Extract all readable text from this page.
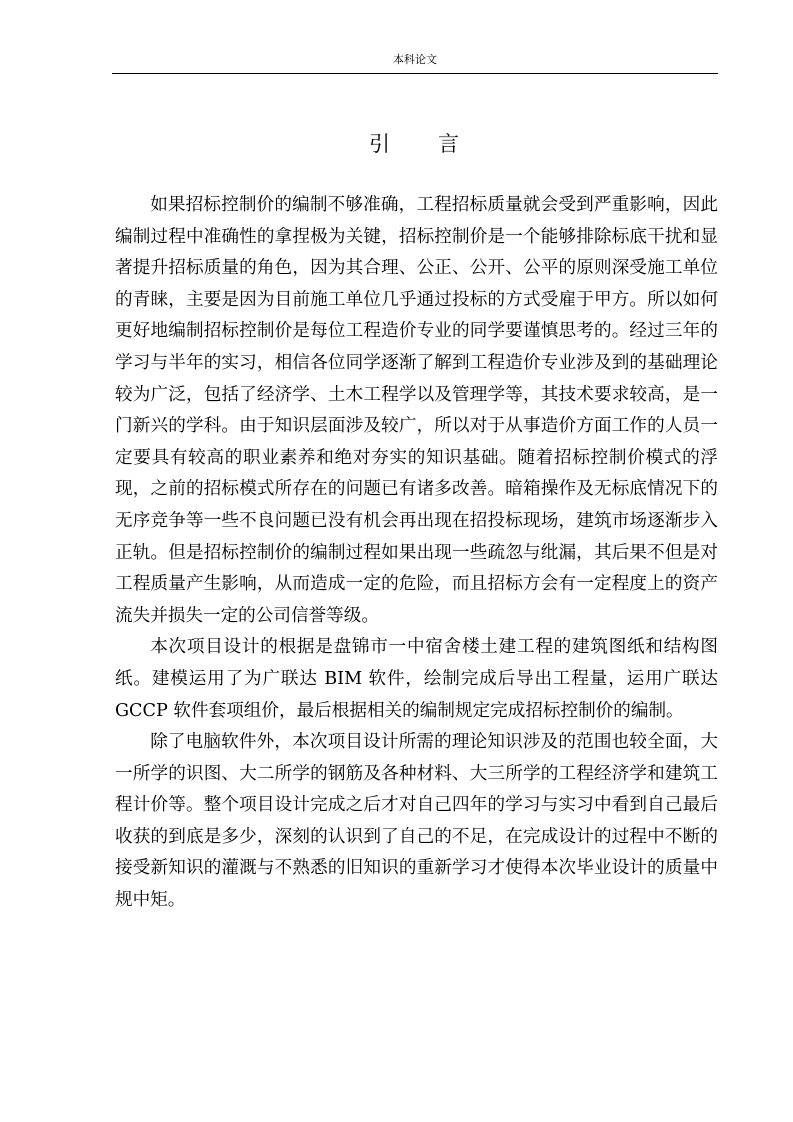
本科论文
引　　言

如果招标控制价的编制不够准确，工程招标质量就会受到严重影响，因此编制过程中准确性的拿捏极为关键，招标控制价是一个能够排除标底干扰和显著提升招标质量的角色，因为其合理、公正、公开、公平的原则深受施工单位的青睐，主要是因为目前施工单位几乎通过投标的方式受雇于甲方。所以如何更好地编制招标控制价是每位工程造价专业的同学要谨慎思考的。经过三年的学习与半年的实习，相信各位同学逐渐了解到工程造价专业涉及到的基础理论较为广泛，包括了经济学、土木工程学以及管理学等，其技术要求较高，是一门新兴的学科。由于知识层面涉及较广，所以对于从事造价方面工作的人员一定要具有较高的职业素养和绝对夯实的知识基础。随着招标控制价模式的浮现，之前的招标模式所存在的问题已有诸多改善。暗箱操作及无标底情况下的无序竞争等一些不良问题已没有机会再出现在招投标现场，建筑市场逐渐步入正轨。但是招标控制价的编制过程如果出现一些疏忽与纰漏，其后果不但是对工程质量产生影响，从而造成一定的危险，而且招标方会有一定程度上的资产流失并损失一定的公司信誉等级。

本次项目设计的根据是盘锦市一中宿舍楼土建工程的建筑图纸和结构图纸。建模运用了为广联达 BIM 软件，绘制完成后导出工程量，运用广联达 GCCP 软件套项组价，最后根据相关的编制规定完成招标控制价的编制。

除了电脑软件外，本次项目设计所需的理论知识涉及的范围也较全面，大一所学的识图、大二所学的钢筋及各种材料、大三所学的工程经济学和建筑工程计价等。整个项目设计完成之后才对自己四年的学习与实习中看到自己最后收获的到底是多少，深刻的认识到了自己的不足，在完成设计的过程中不断的接受新知识的灌溉与不熟悉的旧知识的重新学习才使得本次毕业设计的质量中规中矩。
